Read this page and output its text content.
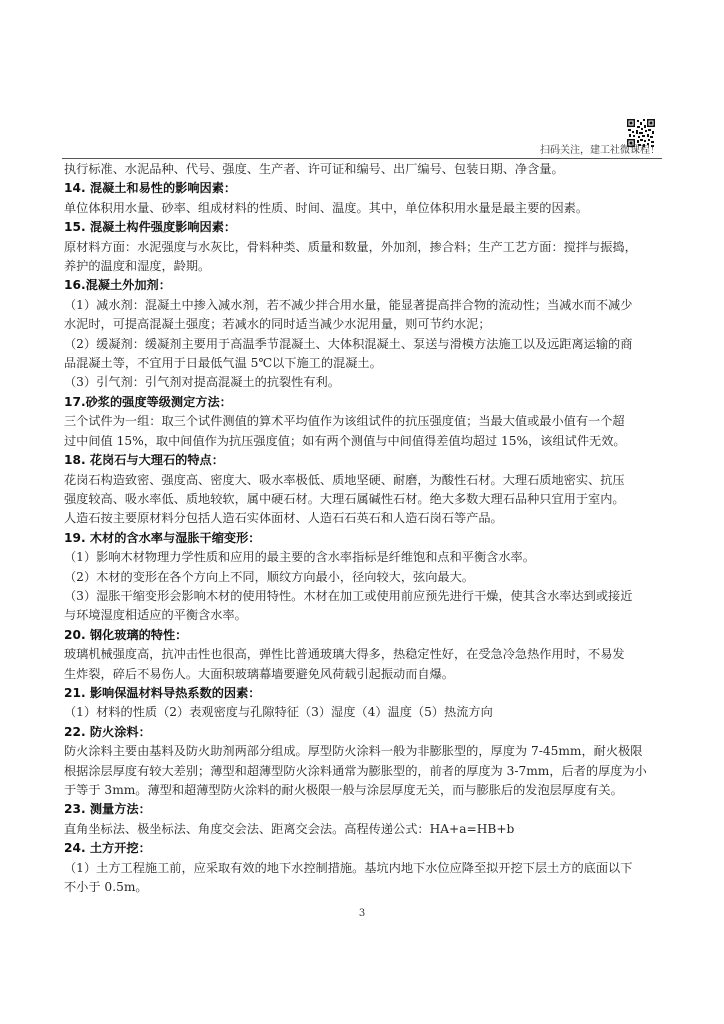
扫码关注，建工社微课程！

执行标准、水泥品种、代号、强度、生产者、许可证和编号、出厂编号、包装日期、净含量。

14. 混凝土和易性的影响因素：

单位体积用水量、砂率、组成材料的性质、时间、温度。其中，单位体积用水量是最主要的因素。

15. 混凝土构件强度影响因素：

原材料方面：水泥强度与水灰比，骨料种类、质量和数量，外加剂，掺合料；生产工艺方面：搅拌与振捣，

养护的温度和湿度，龄期。

16.混凝土外加剂：

（1）减水剂：混凝土中掺入减水剂，若不减少拌合用水量，能显著提高拌合物的流动性；当减水而不减少

水泥时，可提高混凝土强度；若减水的同时适当减少水泥用量，则可节约水泥；

（2）缓凝剂：缓凝剂主要用于高温季节混凝土、大体积混凝土、泵送与滑模方法施工以及远距离运输的商

品混凝土等，不宜用于日最低气温 5℃以下施工的混凝土。

（3）引气剂：引气剂对提高混凝土的抗裂性有利。

17.砂浆的强度等级测定方法：

三个试件为一组：取三个试件测值的算术平均值作为该组试件的抗压强度值；当最大值或最小值有一个超

过中间值 15%，取中间值作为抗压强度值；如有两个测值与中间值得差值均超过 15%，该组试件无效。

18. 花岗石与大理石的特点：

花岗石构造致密、强度高、密度大、吸水率极低、质地坚硬、耐磨，为酸性石材。大理石质地密实、抗压

强度较高、吸水率低、质地较软，属中硬石材。大理石属碱性石材。绝大多数大理石品种只宜用于室内。

人造石按主要原材料分包括人造石实体面材、人造石石英石和人造石岗石等产品。

19. 木材的含水率与湿胀干缩变形：

（1）影响木材物理力学性质和应用的最主要的含水率指标是纤维饱和点和平衡含水率。

（2）木材的变形在各个方向上不同，顺纹方向最小，径向较大，弦向最大。

（3）湿胀干缩变形会影响木材的使用特性。木材在加工或使用前应预先进行干燥，使其含水率达到或接近

与环境湿度相适应的平衡含水率。

20. 钢化玻璃的特性：

玻璃机械强度高，抗冲击性也很高，弹性比普通玻璃大得多，热稳定性好，在受急冷急热作用时，不易发

生炸裂，碎后不易伤人。大面积玻璃幕墙要避免风荷载引起振动而自爆。

21. 影响保温材料导热系数的因素：

（1）材料的性质（2）表观密度与孔隙特征（3）湿度（4）温度（5）热流方向

22. 防火涂料：

防火涂料主要由基料及防火助剂两部分组成。厚型防火涂料一般为非膨胀型的，厚度为 7-45mm，耐火极限

根据涂层厚度有较大差别；薄型和超薄型防火涂料通常为膨胀型的，前者的厚度为 3-7mm，后者的厚度为小

于等于 3mm。薄型和超薄型防火涂料的耐火极限一般与涂层厚度无关，而与膨胀后的发泡层厚度有关。

23. 测量方法：

直角坐标法、极坐标法、角度交会法、距离交会法。高程传递公式：HA+a=HB+b

24. 土方开挖：

（1）土方工程施工前，应采取有效的地下水控制措施。基坑内地下水位应降至拟开挖下层土方的底面以下

不小于 0.5m。

3
